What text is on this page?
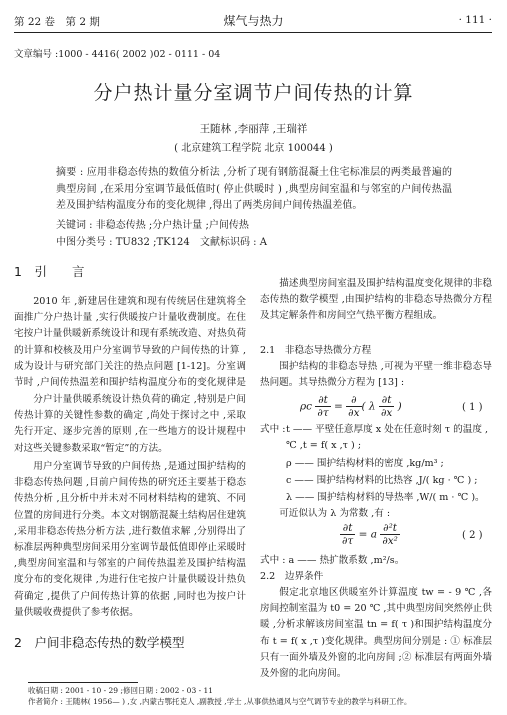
第 22 卷　第 2 期	煤气与热力	· 111 ·
文章编号 :1000 - 4416( 2002 )02 - 0111 - 04
分户热计量分室调节户间传热的计算
王随林 ,李丽萍 ,王瑞祥
( 北京建筑工程学院 北京 100044 )
摘要 : 应用非稳态传热的数值分析法 ,分析了现有钢筋混凝土住宅标准层的两类最普遍的典型房间 ,在采用分室调节最低值时( 停止供暖时 ) ,典型房间室温和与邻室的户间传热温差及围护结构温度分布的变化规律 ,得出了两类房间户间传热温差值。
关键词 : 非稳态传热 ;分户热计量 ;户间传热
中图分类号 : TU832 ;TK124 文献标识码 : A
1　引　　言
2010 年 ,新建居住建筑和现有传统居住建筑将全面推广分户热计量 ,实行供暖按户计量收费制度。在住宅按户计量供暖新系统设计和现有系统改造、对热负荷的计算和校核及用户分室调节导致的户间传热的计算 ,成为设计与研究部门关注的热点问题 [1-12]。分室调节时 ,户间传热温差和围护结构温度分布的变化规律是
分户计量供暖系统设计热负荷的确定 ,特别是户间传热计算的关键性参数的确定 ,尚处于探讨之中 ,采取先行开定、逐步完善的原则 ,在一些地方的设计规程中对这些关键参数采取“暂定”的方法。
用户分室调节导致的户间传热 ,是通过围护结构的非稳态传热问题 ,目前户间传热的研究还主要基于稳态传热分析 ,且分析中并未对不同材料结构的建筑、不同位置的房间进行分类。本文对钢筋混凝土结构居住建筑 ,采用非稳态传热分析方法 ,进行数值求解 ,分别得出了标准层两种典型房间采用分室调节最低值即停止采暖时 ,典型房间室温和与邻室的户间传热温差及围护结构温度分布的变化规律 ,为进行住宅按户计量供暖设计热负荷确定 ,提供了户间传热计算的依据 ,同时也为按户计量供暖收费提供了参考依据。
2　户间非稳态传热的数学模型
描述典型房间室温及围护结构温度变化规律的非稳态传热的数学模型 ,由围护结构的非稳态导热微分方程及其定解条件和房间空气热平衡方程组成。
2.1　非稳态导热微分方程
围护结构的非稳态导热 ,可视为平壁一维非稳态导热问题。其导热微分方程为 [13] :
ρc $\frac{\partial t}{\partial\tau} = \frac{\partial}{\partial x}$ ( λ $\frac{\partial t}{\partial x}$ )	( 1 )
式中 : t —— 平壁任意厚度 x 处在任意时刻 τ 的温度 ,℃ ,t = f( x ,τ ) ;
ρ —— 围护结构材料的密度 ,kg/m³ ;
c —— 围护结构材料的比热容 ,J/( kg · ℃ ) ;
λ —— 围护结构材料的导热率 ,W/( m · ℃ )。
可近似认为 λ 为常数 ,有 :
$\frac{\partial t}{\partial\tau} = a \frac{\text{∂²t}}{\text{∂x²}}$	( 2 )
式中 : a —— 热扩散系数 ,m²/s。
2.2　边界条件
假定北京地区供暖室外计算温度 tw = - 9 ℃ ,各房间控制室温为 t0 = 20 ℃ ,其中典型房间突然停止供暖 ,分析求解该房间室温 tn = f( τ )和围护结构温度分布 t = f( x ,τ )变化规律。典型房间分别是 : ① 标准层只有一面外墙及外窗的北向房间 ;② 标准层有两面外墙及外窗的北向房间。
收稿日期 : 2001 - 10 - 29 ;修回日期 : 2002 - 03 - 11
作者简介 : 王随林( 1956— ) ,女 ,内蒙古鄂托克人 ,副教授 ,学士 ,从事供热通风与空气调节专业的教学与科研工作。
